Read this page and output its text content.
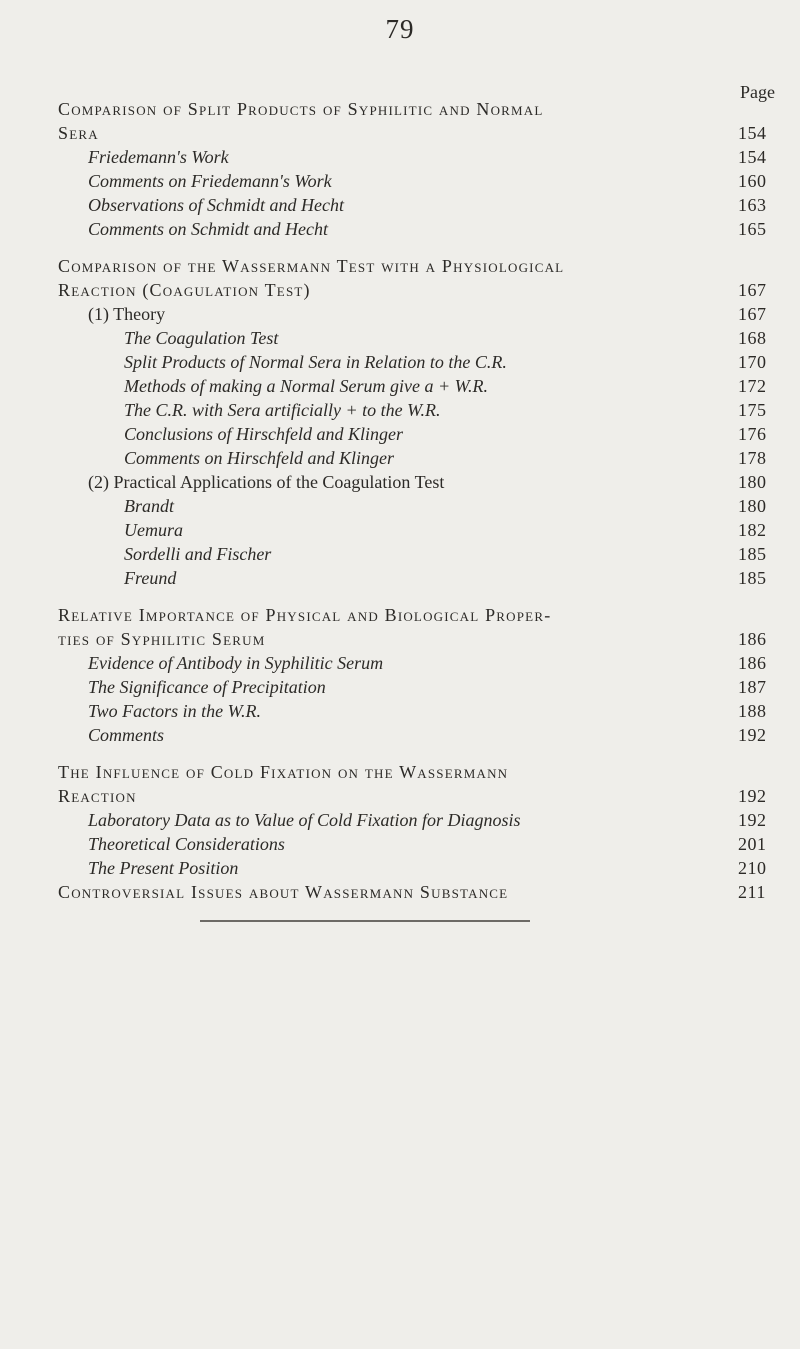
79
Page
Comparison of Split Products of Syphilitic and Normal
Sera	154
Friedemann's Work	154
Comments on Friedemann's Work	160
Observations of Schmidt and Hecht	163
Comments on Schmidt and Hecht	165
Comparison of the Wassermann Test with a Physiological
Reaction (Coagulation Test)	167
(1) Theory	167
The Coagulation Test	168
Split Products of Normal Sera in Relation to the C.R.	170
Methods of making a Normal Serum give a + W.R.	172
The C.R. with Sera artificially + to the W.R.	175
Conclusions of Hirschfeld and Klinger	176
Comments on Hirschfeld and Klinger	178
(2) Practical Applications of the Coagulation Test	180
Brandt	180
Uemura	182
Sordelli and Fischer	185
Freund	185
Relative Importance of Physical and Biological Proper-
ties of Syphilitic Serum	186
Evidence of Antibody in Syphilitic Serum	186
The Significance of Precipitation	187
Two Factors in the W.R.	188
Comments	192
The Influence of Cold Fixation on the Wassermann
Reaction	192
Laboratory Data as to Value of Cold Fixation for Diagnosis	192
Theoretical Considerations	201
The Present Position	210
Controversial Issues about Wassermann Substance	211
